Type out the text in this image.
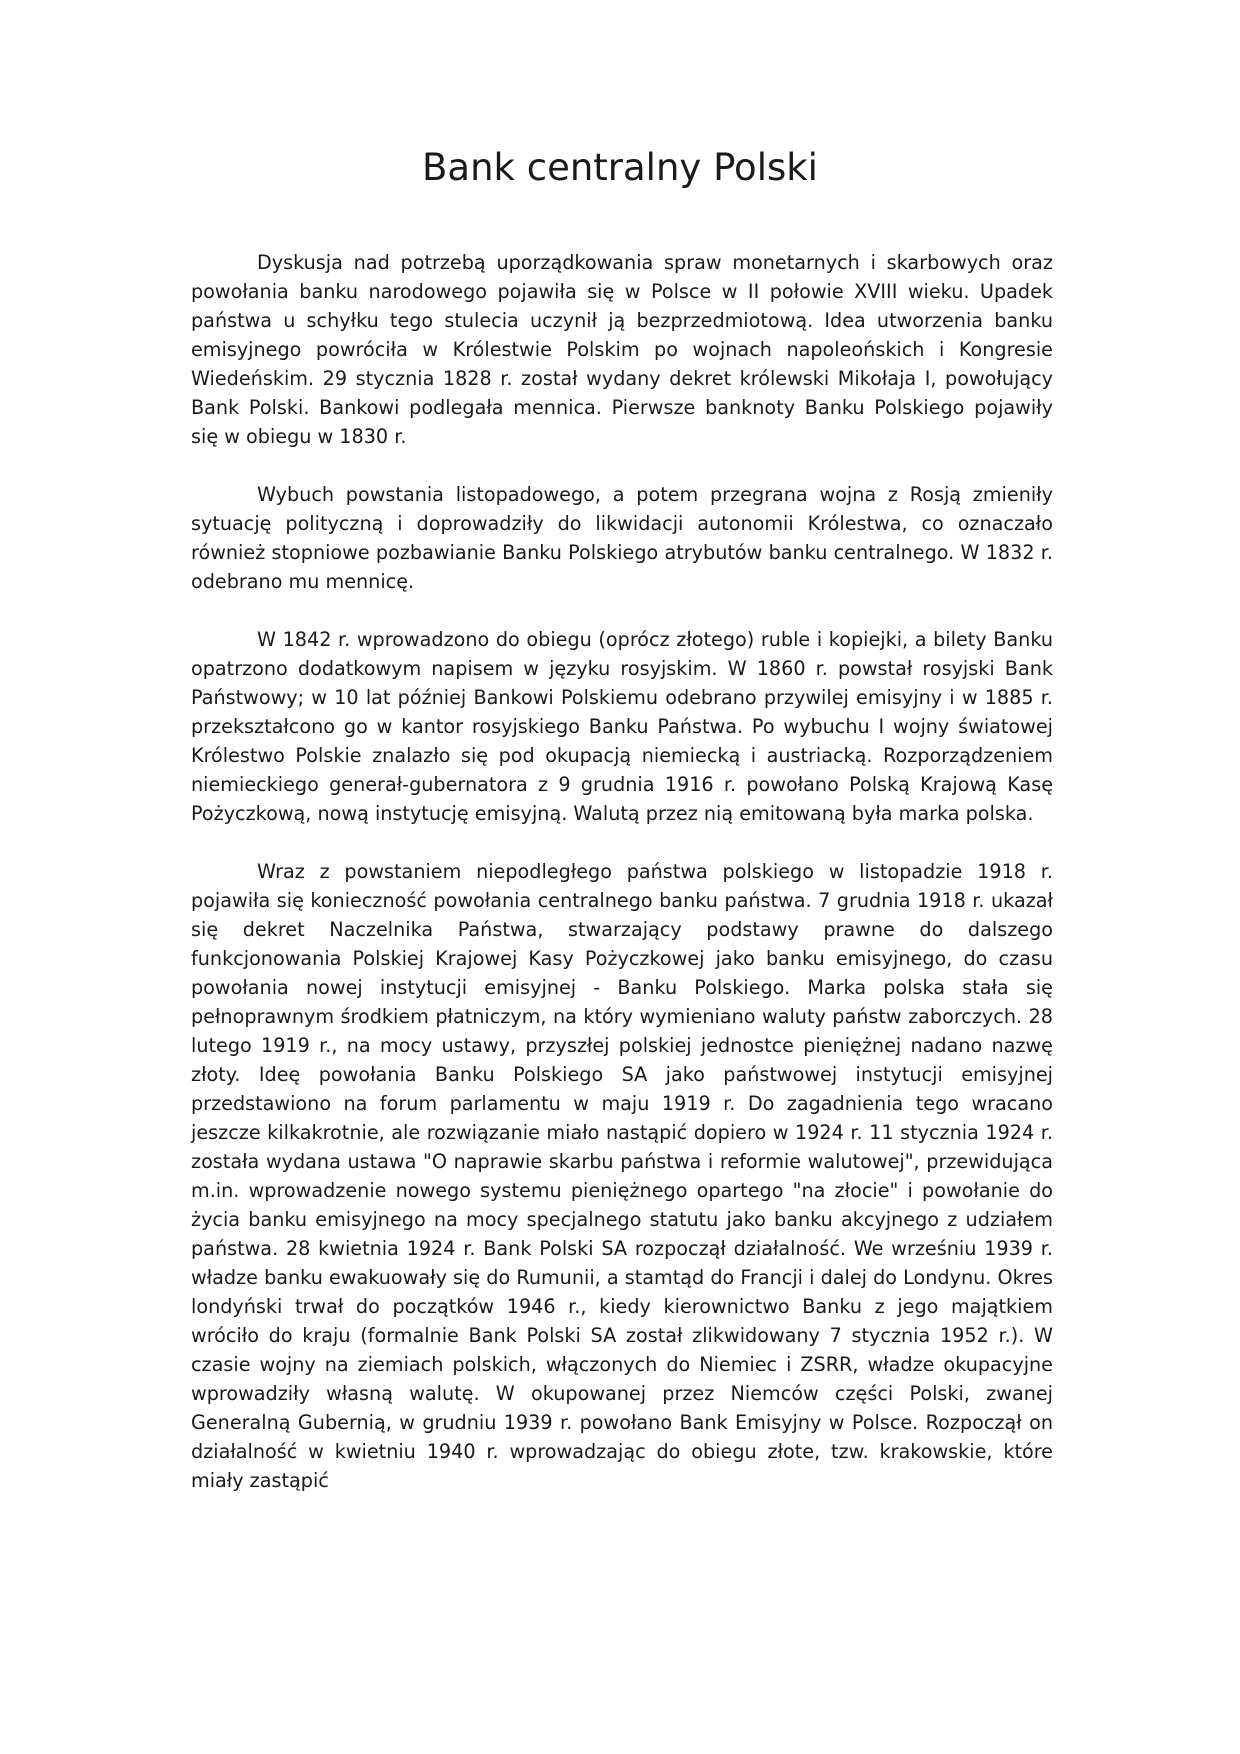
Bank centralny Polski

Dyskusja nad potrzebą uporządkowania spraw monetarnych i skarbowych oraz powołania banku narodowego pojawiła się w Polsce w II połowie XVIII wieku. Upadek państwa u schyłku tego stulecia uczynił ją bezprzedmiotową. Idea utworzenia banku emisyjnego powróciła w Królestwie Polskim po wojnach napoleońskich i Kongresie Wiedeńskim. 29 stycznia 1828 r. został wydany dekret królewski Mikołaja I, powołujący Bank Polski. Bankowi podlegała mennica. Pierwsze banknoty Banku Polskiego pojawiły się w obiegu w 1830 r.

Wybuch powstania listopadowego, a potem przegrana wojna z Rosją zmieniły sytuację polityczną i doprowadziły do likwidacji autonomii Królestwa, co oznaczało również stopniowe pozbawianie Banku Polskiego atrybutów banku centralnego. W 1832 r. odebrano mu mennicę.

W 1842 r. wprowadzono do obiegu (oprócz złotego) ruble i kopiejki, a bilety Banku opatrzono dodatkowym napisem w języku rosyjskim. W 1860 r. powstał rosyjski Bank Państwowy; w 10 lat później Bankowi Polskiemu odebrano przywilej emisyjny i w 1885 r. przekształcono go w kantor rosyjskiego Banku Państwa. Po wybuchu I wojny światowej Królestwo Polskie znalazło się pod okupacją niemiecką i austriacką. Rozporządzeniem niemieckiego generał-gubernatora z 9 grudnia 1916 r. powołano Polską Krajową Kasę Pożyczkową, nową instytucję emisyjną. Walutą przez nią emitowaną była marka polska.

Wraz z powstaniem niepodległego państwa polskiego w listopadzie 1918 r. pojawiła się konieczność powołania centralnego banku państwa. 7 grudnia 1918 r. ukazał się dekret Naczelnika Państwa, stwarzający podstawy prawne do dalszego funkcjonowania Polskiej Krajowej Kasy Pożyczkowej jako banku emisyjnego, do czasu powołania nowej instytucji emisyjnej - Banku Polskiego. Marka polska stała się pełnoprawnym środkiem płatniczym, na który wymieniano waluty państw zaborczych. 28 lutego 1919 r., na mocy ustawy, przyszłej polskiej jednostce pieniężnej nadano nazwę złoty. Ideę powołania Banku Polskiego SA jako państwowej instytucji emisyjnej przedstawiono na forum parlamentu w maju 1919 r. Do zagadnienia tego wracano jeszcze kilkakrotnie, ale rozwiązanie miało nastąpić dopiero w 1924 r. 11 stycznia 1924 r. została wydana ustawa "O naprawie skarbu państwa i reformie walutowej", przewidująca m.in. wprowadzenie nowego systemu pieniężnego opartego "na złocie" i powołanie do życia banku emisyjnego na mocy specjalnego statutu jako banku akcyjnego z udziałem państwa. 28 kwietnia 1924 r. Bank Polski SA rozpoczął działalność. We wrześniu 1939 r. władze banku ewakuowały się do Rumunii, a stamtąd do Francji i dalej do Londynu. Okres londyński trwał do początków 1946 r., kiedy kierownictwo Banku z jego majątkiem wróciło do kraju (formalnie Bank Polski SA został zlikwidowany 7 stycznia 1952 r.). W czasie wojny na ziemiach polskich, włączonych do Niemiec i ZSRR, władze okupacyjne wprowadziły własną walutę. W okupowanej przez Niemców części Polski, zwanej Generalną Gubernią, w grudniu 1939 r. powołano Bank Emisyjny w Polsce. Rozpoczął on działalność w kwietniu 1940 r. wprowadzając do obiegu złote, tzw. krakowskie, które miały zastąpić
